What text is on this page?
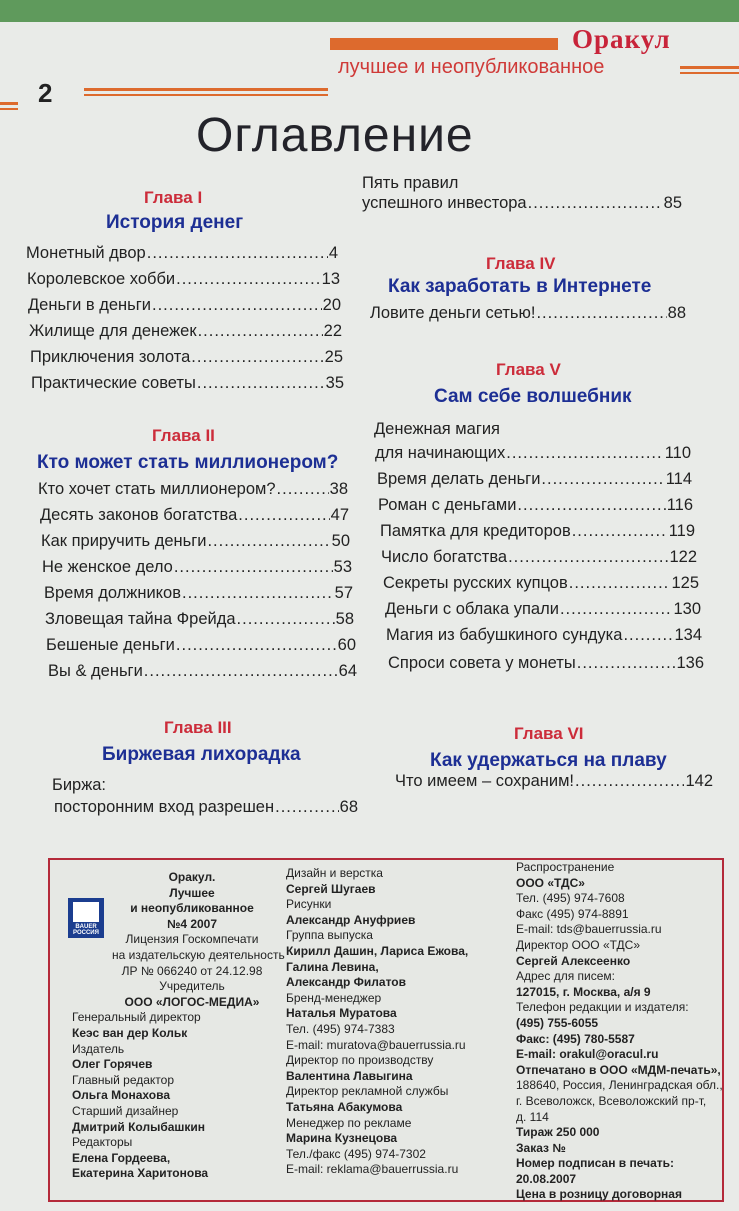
Оракул
лучшее и неопубликованное
2
Оглавление
Глава I
История денег
Монетный двор .....	4
Королевское хобби .....	13
Деньги в деньги .....	20
Жилище для денежек .....	22
Приключения золота .....	25
Практические советы .....	35
Глава II
Кто может стать миллионером?
Кто хочет стать миллионером? .....	38
Десять законов богатства .....	47
Как приручить деньги .....	50
Не женское дело .....	53
Время должников .....	57
Зловещая тайна Фрейда .....	58
Бешеные деньги .....	60
Вы & деньги .....	64
Глава III
Биржевая лихорадка
Биржа:
посторонним вход разрешен .....	68
Пять правил
успешного инвестора .....	85
Глава IV
Как заработать в Интернете
Ловите деньги сетью! .....	88
Глава V
Сам себе волшебник
Денежная магия
для начинающих .....	110
Время делать деньги .....	114
Роман с деньгами .....	116
Памятка для кредиторов .....	119
Число богатства .....	122
Секреты русских купцов .....	125
Деньги с облака упали .....	130
Магия из бабушкиного сундука .....	134
Спроси совета у монеты .....	136
Глава VI
Как удержаться на плаву
Что имеем – сохраним! .....	142
BAUER РОССИЯ
Оракул.
Лучшее
и неопубликованное
№4 2007
Лицензия Госкомпечати
на издательскую деятельность
ЛР № 066240 от 24.12.98
Учредитель
ООО «ЛОГОС-МЕДИА»
Генеральный директор
Кеэс ван дер Кольк
Издатель
Олег Горячев
Главный редактор
Ольга Монахова
Старший дизайнер
Дмитрий Колыбашкин
Редакторы
Елена Гордеева,
Екатерина Харитонова
Дизайн и верстка
Сергей Шугаев
Рисунки
Александр Ануфриев
Группа выпуска
Кирилл Дашин, Лариса Ежова,
Галина Левина,
Александр Филатов
Бренд-менеджер
Наталья Муратова
Тел. (495) 974-7383
E-mail: muratova@bauerrussia.ru
Директор по производству
Валентина Лавыгина
Директор рекламной службы
Татьяна Абакумова
Менеджер по рекламе
Марина Кузнецова
Тел./факс (495) 974-7302
E-mail: reklama@bauerrussia.ru
Распространение
ООО «ТДС»
Тел. (495) 974-7608
Факс (495) 974-8891
E-mail: tds@bauerrussia.ru
Директор ООО «ТДС»
Сергей Алексеенко
Адрес для писем:
127015, г. Москва, а/я 9
Телефон редакции и издателя:
(495) 755-6055
Факс: (495) 780-5587
E-mail: orakul@oracul.ru
Отпечатано в ООО «МДМ-печать»,
188640, Россия, Ленинградская обл.,
г. Всеволожск, Всеволожский пр-т,
д. 114
Тираж 250 000
Заказ №
Номер подписан в печать:
20.08.2007
Цена в розницу договорная
